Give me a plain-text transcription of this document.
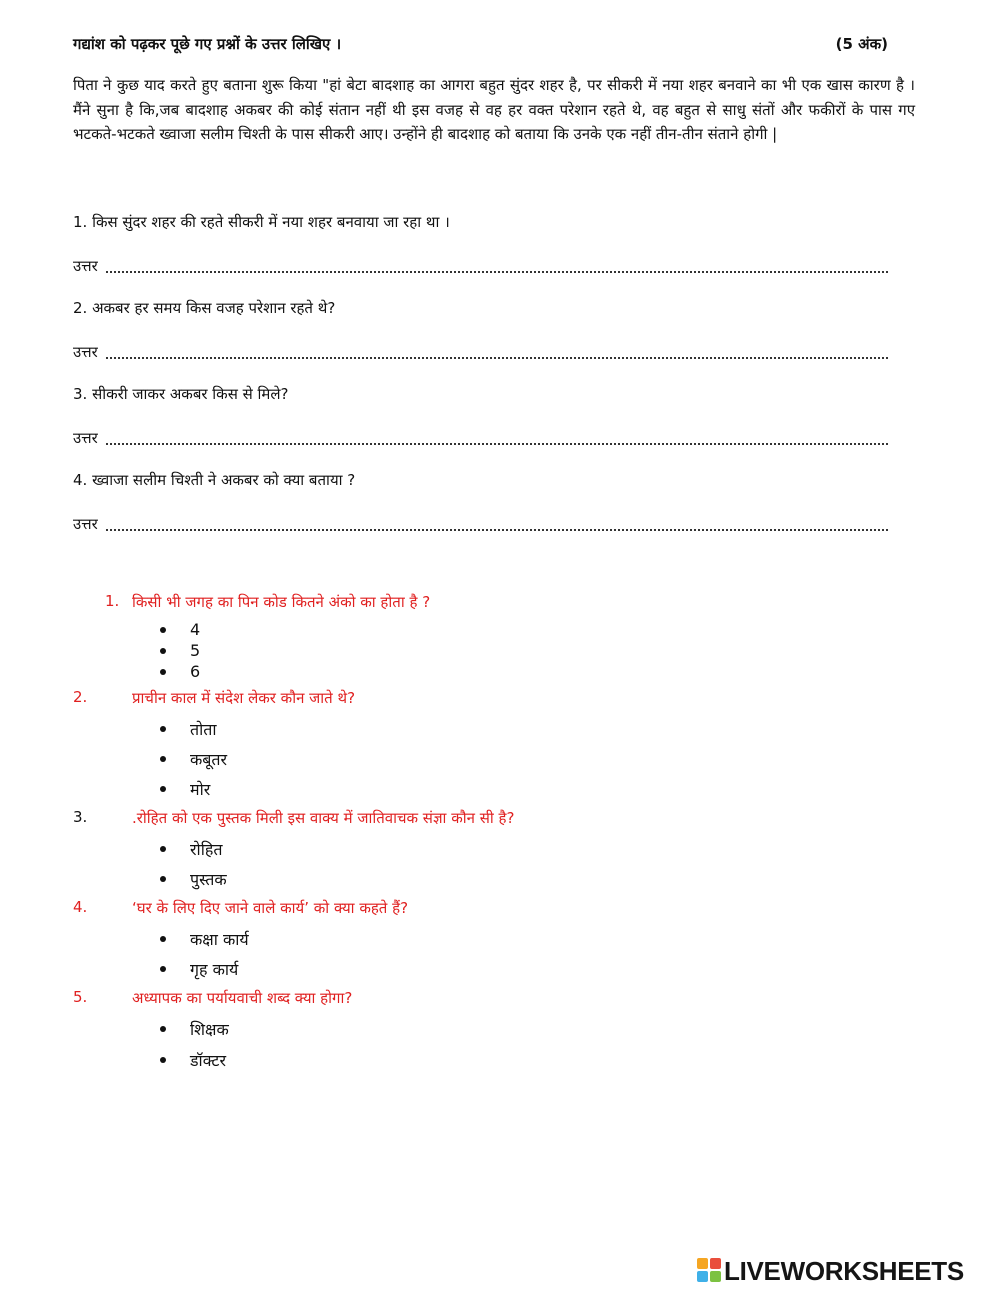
गद्यांश को पढ़कर पूछे गए प्रश्नों के उत्तर लिखिए ।	(5 अंक)
पिता ने कुछ याद करते हुए बताना शुरू किया "हां बेटा बादशाह का आगरा बहुत सुंदर शहर है, पर सीकरी में नया शहर बनवाने का भी एक खास कारण है । मैंने सुना है कि,जब बादशाह अकबर की कोई संतान नहीं थी इस वजह से वह हर वक्त परेशान रहते थे, वह बहुत से साधु संतों और फकीरों के पास गए भटकते-भटकते ख्वाजा सलीम चिश्ती के पास सीकरी आए। उन्होंने ही बादशाह को बताया कि उनके एक नहीं तीन-तीन संताने होगी |
1. किस सुंदर शहर की रहते सीकरी में नया शहर बनवाया जा रहा था ।
उत्तर
2. अकबर हर समय किस वजह परेशान रहते थे?
उत्तर
3. सीकरी जाकर अकबर किस से मिले?
उत्तर
4. ख्वाजा सलीम चिश्ती ने अकबर को क्या बताया ?
उत्तर
1. किसी भी जगह का पिन कोड कितने अंको का होता है ?
4
5
6
2.	प्राचीन काल में संदेश लेकर कौन जाते थे?
तोता
कबूतर
मोर
3.	.रोहित को एक पुस्तक मिली इस वाक्य में जातिवाचक संज्ञा कौन सी है?
रोहित
पुस्तक
4.	‘घर के लिए दिए जाने वाले कार्य’ को क्या कहते हैं?
कक्षा कार्य
गृह कार्य
5.	अध्यापक का पर्यायवाची शब्द क्या होगा?
शिक्षक
डॉक्टर
LIVEWORKSHEETS
